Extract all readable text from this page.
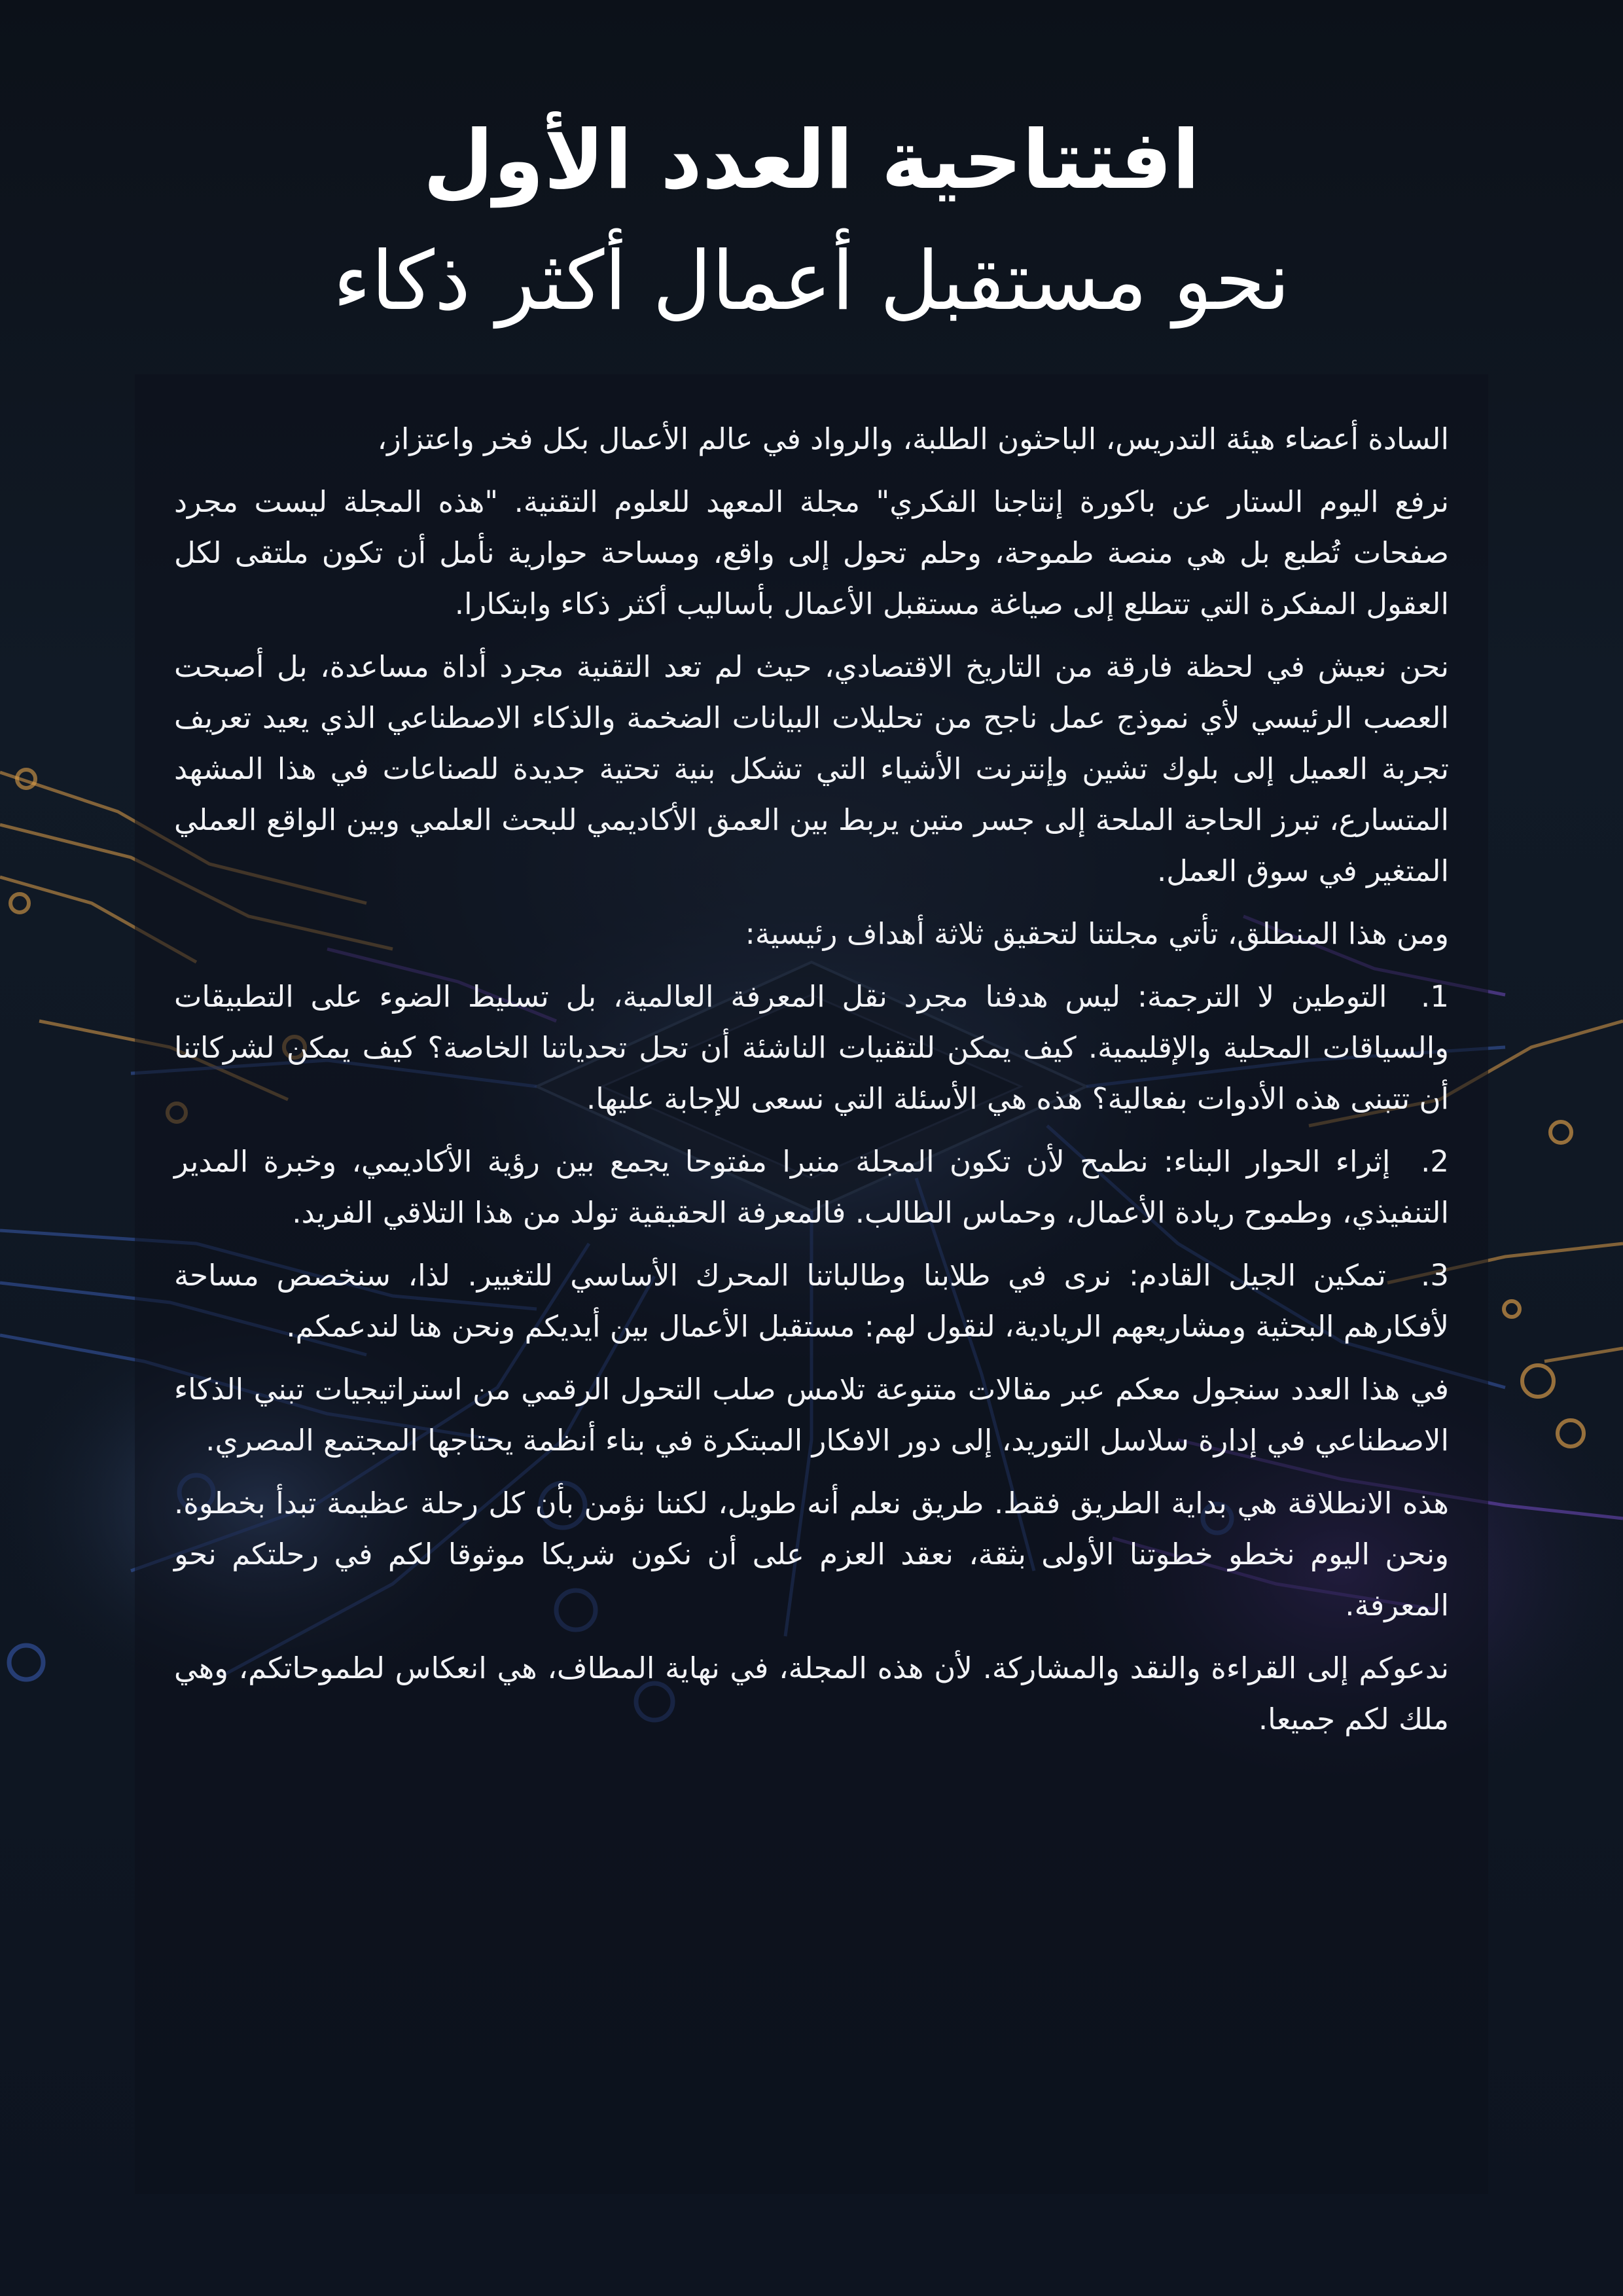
افتتاحية العدد الأول
نحو مستقبل أعمال أكثر ذكاء

السادة أعضاء هيئة التدريس، الباحثون الطلبة، والرواد في عالم الأعمال بكل فخر واعتزاز،

نرفع اليوم الستار عن باكورة إنتاجنا الفكري" مجلة المعهد للعلوم التقنية. "هذه المجلة ليست مجرد صفحات تُطبع بل هي منصة طموحة، وحلم تحول إلى واقع، ومساحة حوارية نأمل أن تكون ملتقى لكل العقول المفكرة التي تتطلع إلى صياغة مستقبل الأعمال بأساليب أكثر ذكاء وابتكارا.

نحن نعيش في لحظة فارقة من التاريخ الاقتصادي، حيث لم تعد التقنية مجرد أداة مساعدة، بل أصبحت العصب الرئيسي لأي نموذج عمل ناجح من تحليلات البيانات الضخمة والذكاء الاصطناعي الذي يعيد تعريف تجربة العميل إلى بلوك تشين وإنترنت الأشياء التي تشكل بنية تحتية جديدة للصناعات في هذا المشهد المتسارع، تبرز الحاجة الملحة إلى جسر متين يربط بين العمق الأكاديمي للبحث العلمي وبين الواقع العملي المتغير في سوق العمل.

ومن هذا المنطلق، تأتي مجلتنا لتحقيق ثلاثة أهداف رئيسية:

1.  التوطين لا الترجمة: ليس هدفنا مجرد نقل المعرفة العالمية، بل تسليط الضوء على التطبيقات والسياقات المحلية والإقليمية. كيف يمكن للتقنيات الناشئة أن تحل تحدياتنا الخاصة؟ كيف يمكن لشركاتنا أن تتبنى هذه الأدوات بفعالية؟ هذه هي الأسئلة التي نسعى للإجابة عليها.

2.  إثراء الحوار البناء: نطمح لأن تكون المجلة منبرا مفتوحا يجمع بين رؤية الأكاديمي، وخبرة المدير التنفيذي، وطموح ريادة الأعمال، وحماس الطالب. فالمعرفة الحقيقية تولد من هذا التلاقي الفريد.

3.  تمكين الجيل القادم: نرى في طلابنا وطالباتنا المحرك الأساسي للتغيير. لذا، سنخصص مساحة لأفكارهم البحثية ومشاريعهم الريادية، لنقول لهم: مستقبل الأعمال بين أيديكم ونحن هنا لندعمكم.

في هذا العدد سنجول معكم عبر مقالات متنوعة تلامس صلب التحول الرقمي من استراتيجيات تبني الذكاء الاصطناعي في إدارة سلاسل التوريد، إلى دور الافكار المبتكرة في بناء أنظمة يحتاجها المجتمع المصري.

هذه الانطلاقة هي بداية الطريق فقط. طريق نعلم أنه طويل، لكننا نؤمن بأن كل رحلة عظيمة تبدأ بخطوة. ونحن اليوم نخطو خطوتنا الأولى بثقة، نعقد العزم على أن نكون شريكا موثوقا لكم في رحلتكم نحو المعرفة.

ندعوكم إلى القراءة والنقد والمشاركة. لأن هذه المجلة، في نهاية المطاف، هي انعكاس لطموحاتكم، وهي ملك لكم جميعا.
